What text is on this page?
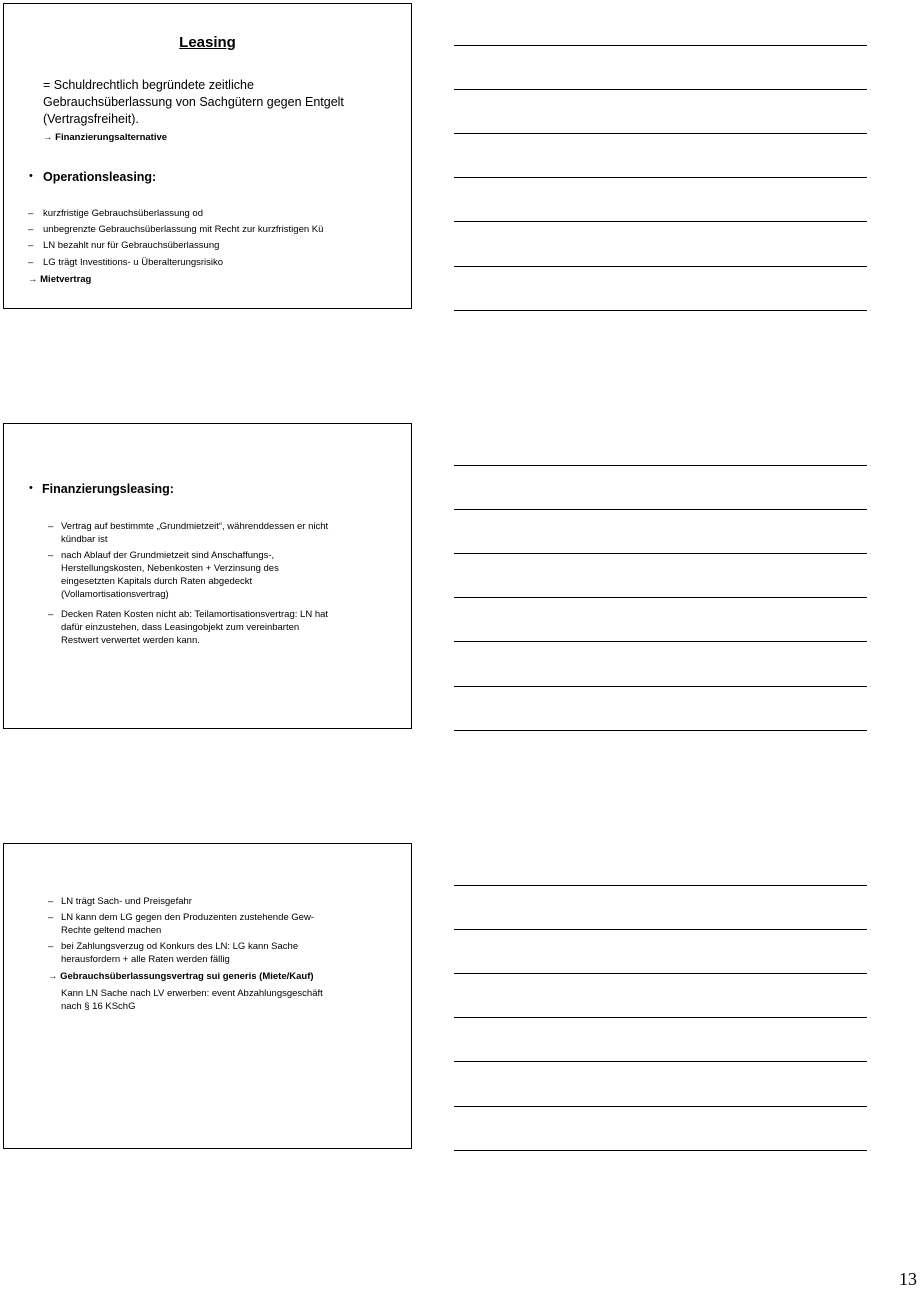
Leasing
= Schuldrechtlich begründete zeitliche
Gebrauchsüberlassung von Sachgütern gegen Entgelt
(Vertragsfreiheit).
→ Finanzierungsalternative
• Operationsleasing:
– kurzfristige Gebrauchsüberlassung od
– unbegrenzte Gebrauchsüberlassung mit Recht zur kurzfristigen Kü
– LN bezahlt nur für Gebrauchsüberlassung
– LG trägt Investitions- u Überalterungsrisiko
→ Mietvertrag
• Finanzierungsleasing:
– Vertrag auf bestimmte „Grundmietzeit“, währenddessen er nicht
kündbar ist
– nach Ablauf der Grundmietzeit sind Anschaffungs-,
Herstellungskosten, Nebenkosten + Verzinsung des
eingesetzten Kapitals durch Raten abgedeckt
(Vollamortisationsvertrag)
– Decken Raten Kosten nicht ab: Teilamortisationsvertrag: LN hat
dafür einzustehen, dass Leasingobjekt zum vereinbarten
Restwert verwertet werden kann.
– LN trägt Sach- und Preisgefahr
– LN kann dem LG gegen den Produzenten zustehende Gew-
Rechte geltend machen
– bei Zahlungsverzug od Konkurs des LN: LG kann Sache
herausfordern + alle Raten werden fällig
→ Gebrauchsüberlassungsvertrag sui generis (Miete/Kauf)
Kann LN Sache nach LV erwerben: event Abzahlungsgeschäft
nach § 16 KSchG
13
